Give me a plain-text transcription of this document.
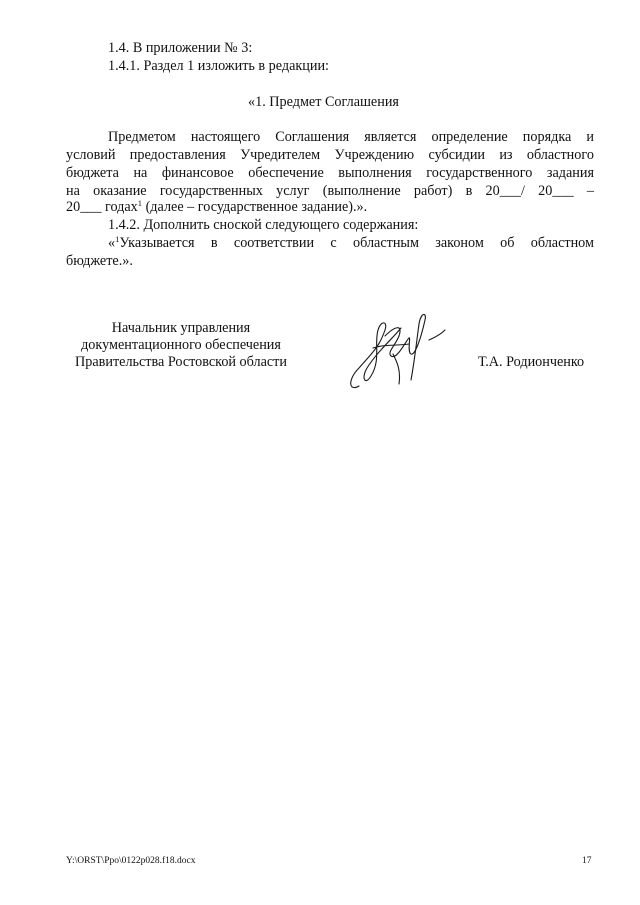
1.4. В приложении № 3:
1.4.1. Раздел 1 изложить в редакции:
«1. Предмет Соглашения
Предметом настоящего Соглашения является определение порядка и
условий предоставления Учредителем Учреждению субсидии из областного
бюджета на финансовое обеспечение выполнения государственного задания
на оказание государственных услуг (выполнение работ) в 20___/ 20___ –
20___ годах$^1$ (далее – государственное задание).».
1.4.2. Дополнить сноской следующего содержания:
«$^1$Указывается в соответствии с областным законом об областном
бюджете.».
Начальник управления
документационного обеспечения
Правительства Ростовской области	Т.А. Родионченко
Y:\ORST\Ppo\0122p028.f18.docx	17
